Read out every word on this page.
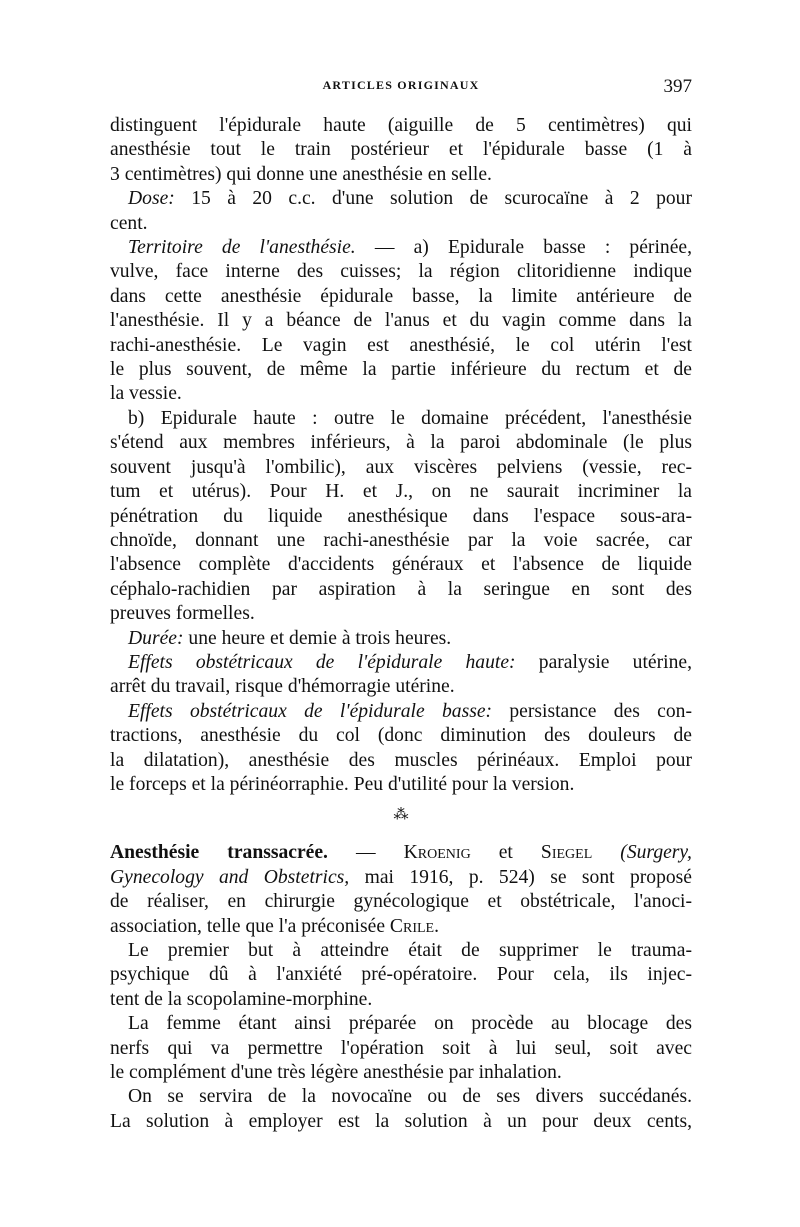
ARTICLES ORIGINAUX	397
distinguent l'épidurale haute (aiguille de 5 centimètres) qui
anesthésie tout le train postérieur et l'épidurale basse (1 à
3 centimètres) qui donne une anesthésie en selle.
Dose: 15 à 20 c.c. d'une solution de scurocaïne à 2 pour
cent.
Territoire de l'anesthésie. — a) Epidurale basse : périnée,
vulve, face interne des cuisses; la région clitoridienne indique
dans cette anesthésie épidurale basse, la limite antérieure de
l'anesthésie. Il y a béance de l'anus et du vagin comme dans la
rachi-anesthésie. Le vagin est anesthésié, le col utérin l'est
le plus souvent, de même la partie inférieure du rectum et de
la vessie.
b) Epidurale haute : outre le domaine précédent, l'anesthésie
s'étend aux membres inférieurs, à la paroi abdominale (le plus
souvent jusqu'à l'ombilic), aux viscères pelviens (vessie, rec-
tum et utérus). Pour H. et J., on ne saurait incriminer la
pénétration du liquide anesthésique dans l'espace sous-ara-
chnoïde, donnant une rachi-anesthésie par la voie sacrée, car
l'absence complète d'accidents généraux et l'absence de liquide
céphalo-rachidien par aspiration à la seringue en sont des
preuves formelles.
Durée: une heure et demie à trois heures.
Effets obstétricaux de l'épidurale haute: paralysie utérine,
arrêt du travail, risque d'hémorragie utérine.
Effets obstétricaux de l'épidurale basse: persistance des con-
tractions, anesthésie du col (donc diminution des douleurs de
la dilatation), anesthésie des muscles périnéaux. Emploi pour
le forceps et la périnéorraphie. Peu d'utilité pour la version.
⁂
Anesthésie transsacrée. — Kroenig et Siegel (Surgery,
Gynecology and Obstetrics, mai 1916, p. 524) se sont proposé
de réaliser, en chirurgie gynécologique et obstétricale, l'anoci-
association, telle que l'a préconisée Crile.
Le premier but à atteindre était de supprimer le trauma-
psychique dû à l'anxiété pré-opératoire. Pour cela, ils injec-
tent de la scopolamine-morphine.
La femme étant ainsi préparée on procède au blocage des
nerfs qui va permettre l'opération soit à lui seul, soit avec
le complément d'une très légère anesthésie par inhalation.
On se servira de la novocaïne ou de ses divers succédanés.
La solution à employer est la solution à un pour deux cents,
